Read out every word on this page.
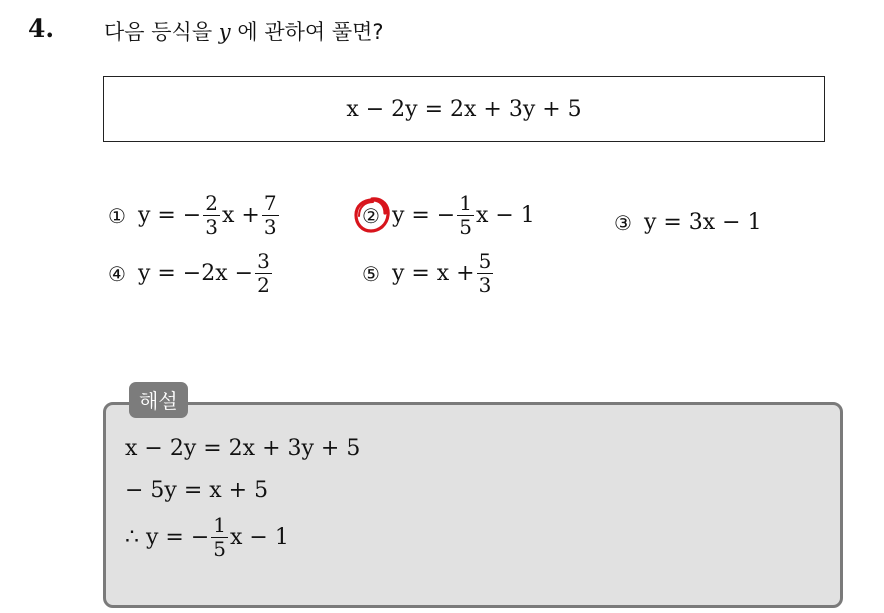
4. 다음 등식을 y 에 관하여 풀면?
x − 2y = 2x + 3y + 5
① y = − $\frac{2}{3}$ $x + \frac{7}{3}$	② y = − $\frac{1}{5}$ x − 1	③ y = 3x − 1
④ $y = -2x - \frac{3}{2}$	⑤ $y = x + \frac{5}{3}$
해설
x − 2y = 2x + 3y + 5
− 5y = x + 5
∴ y = − $\frac{1}{5}$ x − 1
